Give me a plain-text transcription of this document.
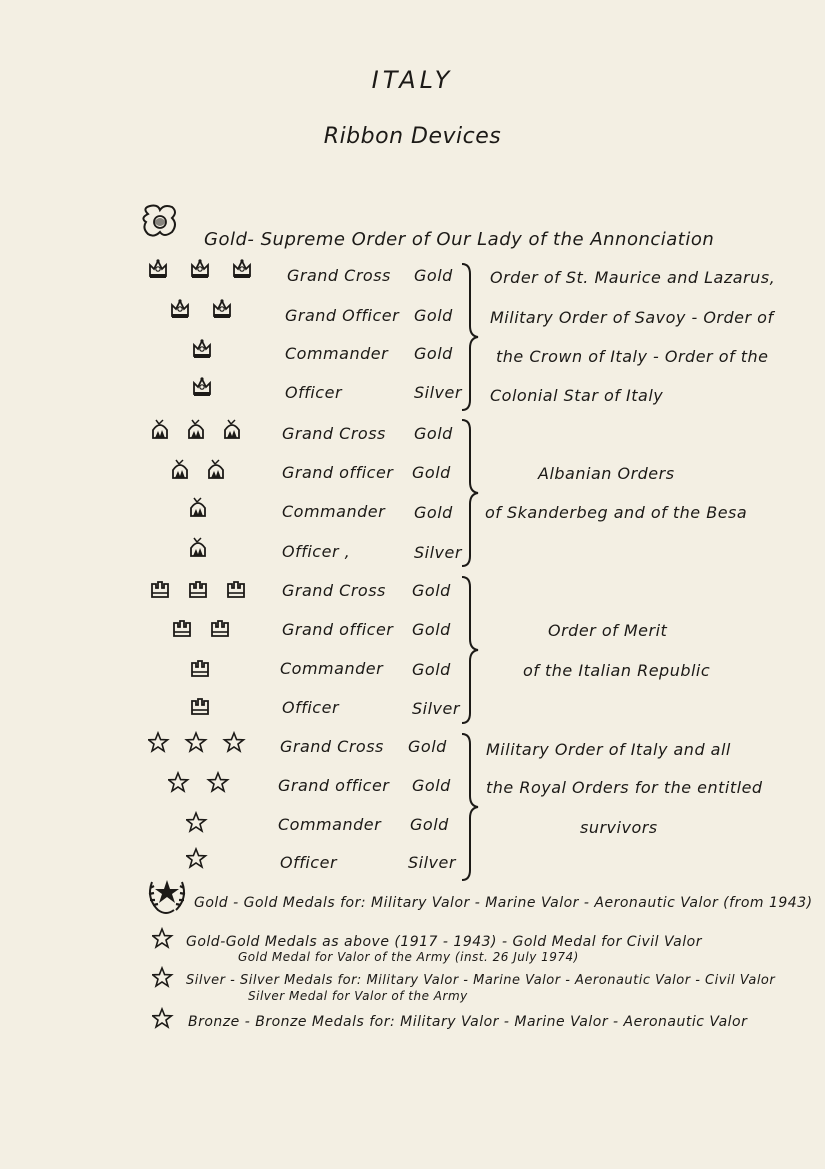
ITALY
Ribbon Devices
Gold- Supreme Order of Our Lady of the Annonciation
Grand Cross Gold
Grand Officer Gold
Commander Gold
Officer	Silver
Order of St. Maurice and Lazarus,
Military Order of Savoy - Order of
the Crown of Italy - Order of the
Colonial Star of Italy
Grand Cross Gold
Grand officer Gold
Commander Gold
Officer ,	Silver
Albanian Orders
of Skanderbeg and of the Besa
Grand Cross Gold
Grand officer Gold
Commander Gold
Officer	Silver
Order of Merit
of the Italian Republic
Grand Cross Gold
Grand officer Gold
Commander Gold
Officer	Silver
Military Order of Italy and all
the Royal Orders for the entitled
survivors
Gold - Gold Medals for: Military Valor - Marine Valor - Aeronautic Valor (from 1943)
Gold-Gold Medals as above (1917 - 1943) - Gold Medal for Civil Valor
Gold Medal for Valor of the Army (inst. 26 July 1974)
Silver - Silver Medals for: Military Valor - Marine Valor - Aeronautic Valor - Civil Valor
Silver Medal for Valor of the Army
Bronze - Bronze Medals for: Military Valor - Marine Valor - Aeronautic Valor
